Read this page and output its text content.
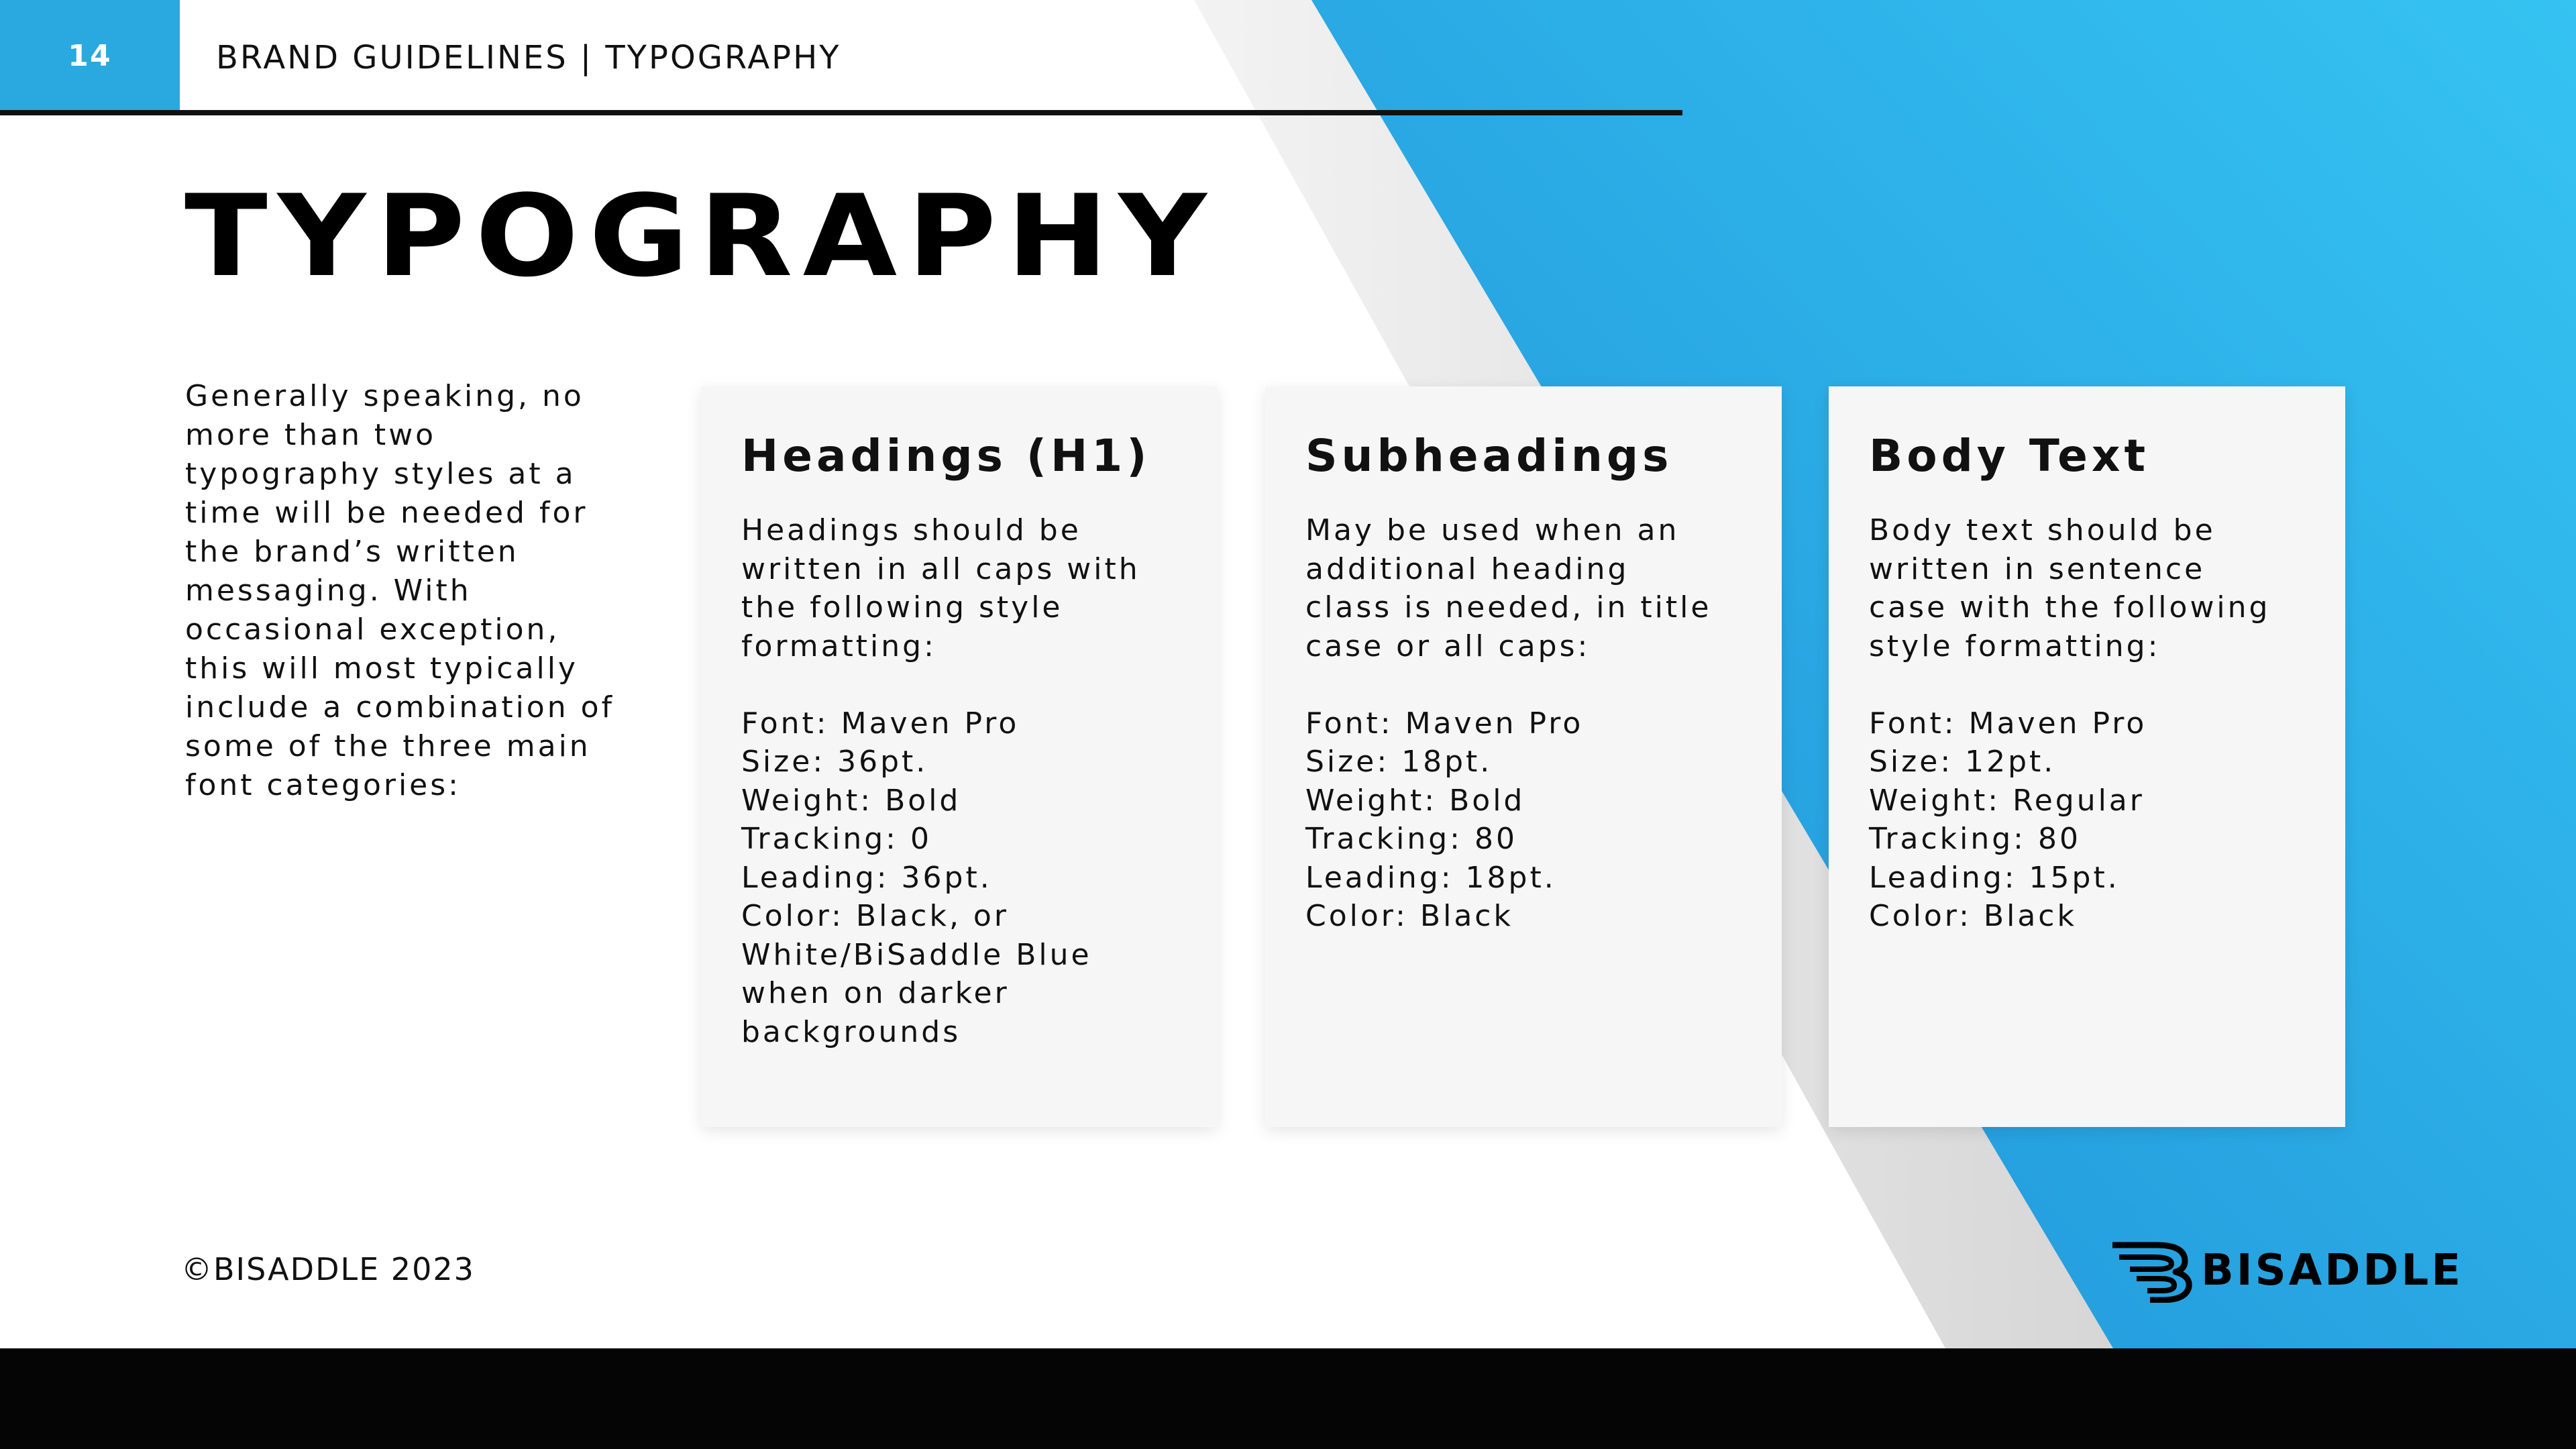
14	BRAND GUIDELINES | TYPOGRAPHY
TYPOGRAPHY
Generally speaking, no
more than two
typography styles at a
time will be needed for
the brand’s written
messaging. With
occasional exception,
this will most typically
include a combination of
some of the three main
font categories:
Headings (H1)
Headings should be
written in all caps with
the following style
formatting:

Font: Maven Pro
Size: 36pt.
Weight: Bold
Tracking: 0
Leading: 36pt.
Color: Black, or
White/BiSaddle Blue
when on darker
backgrounds
Subheadings
May be used when an
additional heading
class is needed, in title
case or all caps:

Font: Maven Pro
Size: 18pt.
Weight: Bold
Tracking: 80
Leading: 18pt.
Color: Black
Body Text
Body text should be
written in sentence
case with the following
style formatting:

Font: Maven Pro
Size: 12pt.
Weight: Regular
Tracking: 80
Leading: 15pt.
Color: Black
©BISADDLE 2023	BISADDLE
